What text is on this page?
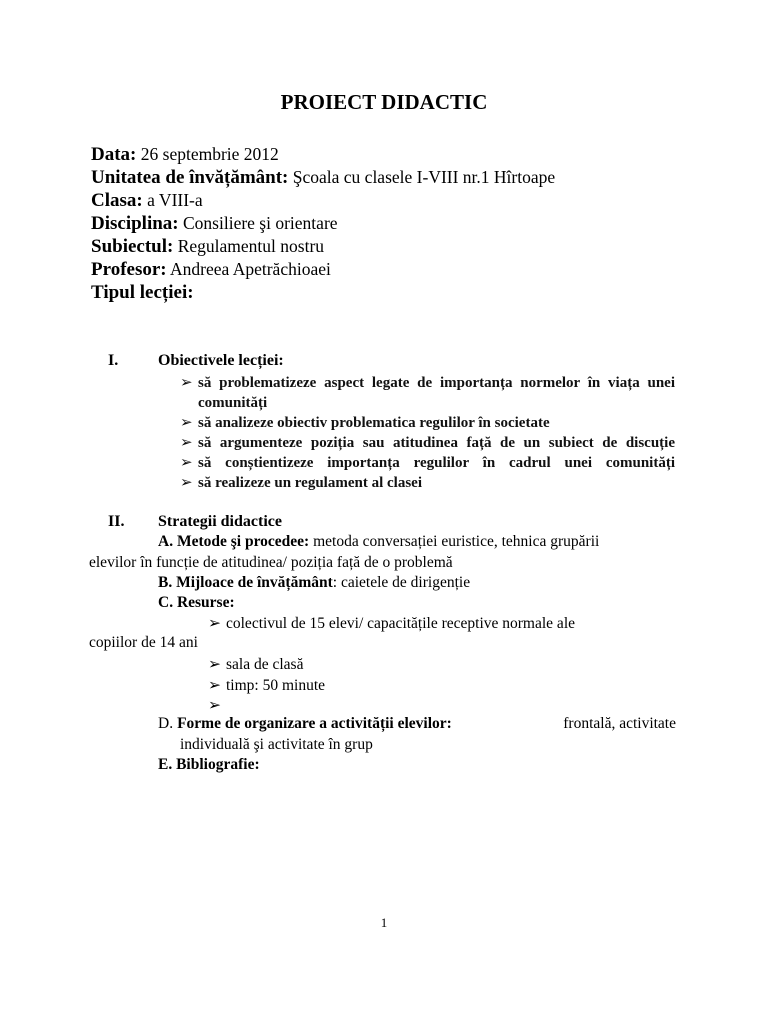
PROIECT DIDACTIC
Data: 26 septembrie 2012
Unitatea de învățământ: Şcoala cu clasele I-VIII nr.1 Hîrtoape
Clasa: a VIII-a
Disciplina: Consiliere şi orientare
Subiectul: Regulamentul nostru
Profesor: Andreea Apetrăchioaei
Tipul lecției:
I. Obiectivele lecției:
➢ să problematizeze aspect legate de importanța normelor în viața unei comunități
➢ să analizeze obiectiv problematica regulilor în societate
➢ să argumenteze poziția sau atitudinea față de un subiect de discuție
➢ să conștientizeze importanța regulilor în cadrul unei comunități
➢ să realizeze un regulament al clasei
II. Strategii didactice
A. Metode şi procedee: metoda conversației euristice, tehnica grupării
elevilor în funcție de atitudinea/ poziția față de o problemă
B. Mijloace de învățământ: caietele de dirigenție
C. Resurse:
➢ colectivul de 15 elevi/ capacitățile receptive normale ale
copiilor de 14 ani
➢ sala de clasă
➢ timp: 50 minute
➢
D. Forme de organizare a activității elevilor:	frontală, activitate
individuală şi activitate în grup
E. Bibliografie:
1
